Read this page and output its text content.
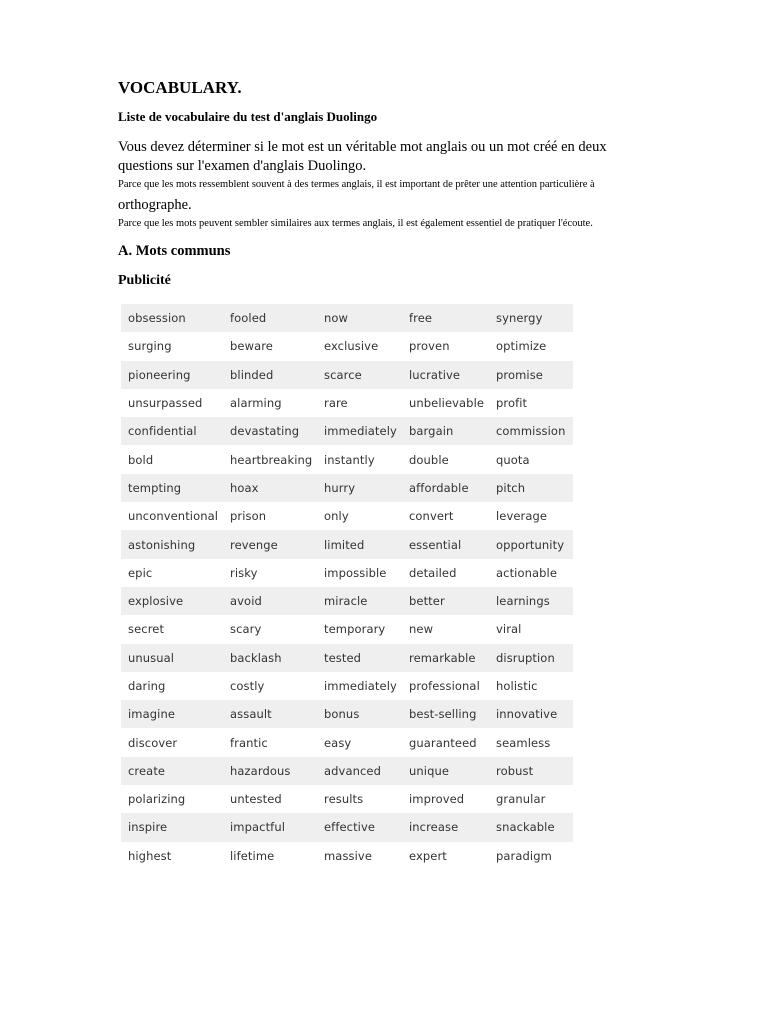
VOCABULARY.
Liste de vocabulaire du test d'anglais Duolingo

Vous devez déterminer si le mot est un véritable mot anglais ou un mot créé en deux

questions sur l'examen d'anglais Duolingo.

Parce que les mots ressemblent souvent à des termes anglais, il est important de prêter une attention particulière à

orthographe.

Parce que les mots peuvent sembler similaires aux termes anglais, il est également essentiel de pratiquer l'écoute.

A. Mots communs
Publicité
obsession	fooled	now	free	synergy
surging	beware	exclusive	proven	optimize
pioneering	blinded	scarce	lucrative	promise
unsurpassed	alarming	rare	unbelievable	profit
confidential	devastating	immediately	bargain	commission
bold	heartbreaking	instantly	double	quota
tempting	hoax	hurry	affordable	pitch
unconventional	prison	only	convert	leverage
astonishing	revenge	limited	essential	opportunity
epic	risky	impossible	detailed	actionable
explosive	avoid	miracle	better	learnings
secret	scary	temporary	new	viral
unusual	backlash	tested	remarkable	disruption
daring	costly	immediately	professional	holistic
imagine	assault	bonus	best-selling	innovative
discover	frantic	easy	guaranteed	seamless
create	hazardous	advanced	unique	robust
polarizing	untested	results	improved	granular
inspire	impactful	effective	increase	snackable
highest	lifetime	massive	expert	paradigm
